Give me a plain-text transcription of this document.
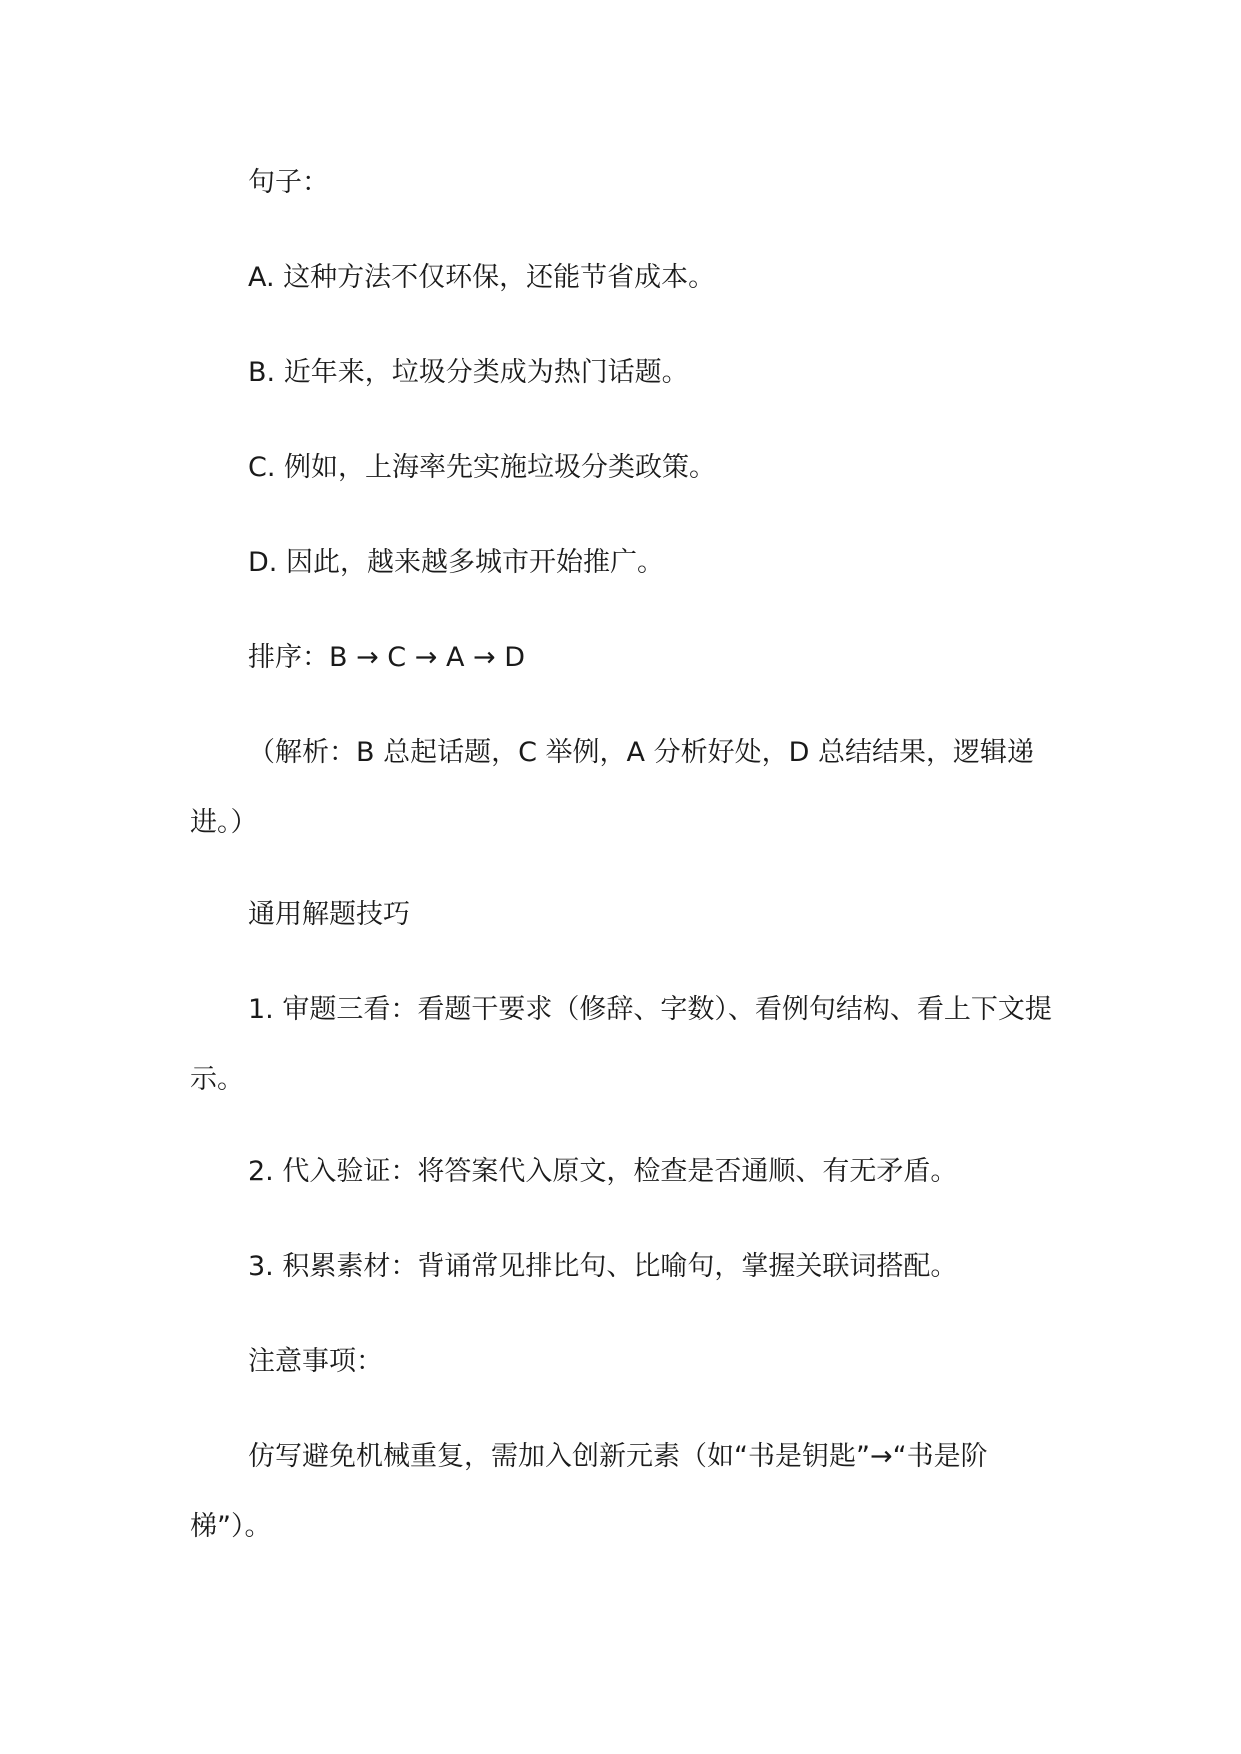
句子：

A. 这种方法不仅环保，还能节省成本。

B. 近年来，垃圾分类成为热门话题。

C. 例如，上海率先实施垃圾分类政策。

D. 因此，越来越多城市开始推广。

排序：B → C → A → D

（解析：B 总起话题，C 举例，A 分析好处，D 总结结果，逻辑递进。）

通用解题技巧

1. 审题三看：看题干要求（修辞、字数）、看例句结构、看上下文提示。

2. 代入验证：将答案代入原文，检查是否通顺、有无矛盾。

3. 积累素材：背诵常见排比句、比喻句，掌握关联词搭配。

注意事项：

仿写避免机械重复，需加入创新元素（如“书是钥匙”→“书是阶梯”）。
